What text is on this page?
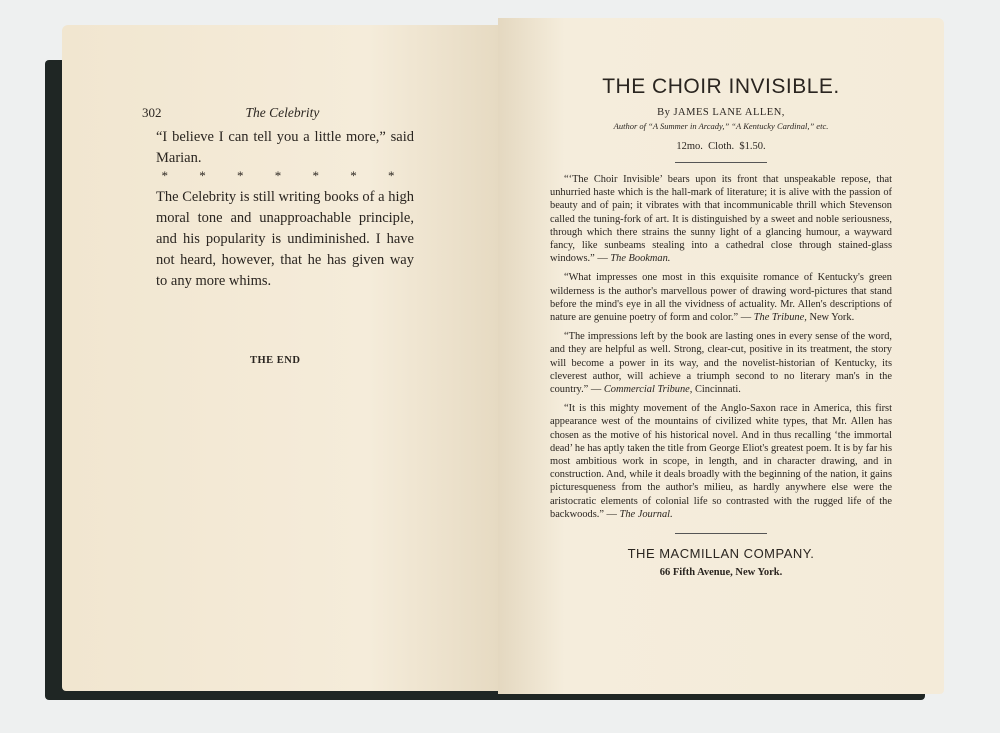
302	The Celebrity

“I believe I can tell you a little more,” said Marian.

* * * * * * *

The Celebrity is still writing books of a high moral tone and unapproachable principle, and his popularity is undiminished. I have not heard, however, that he has given way to any more whims.

THE END
THE CHOIR INVISIBLE.
By JAMES LANE ALLEN,
Author of “A Summer in Arcady,” “A Kentucky Cardinal,” etc.
12mo.  Cloth.  $1.50.

“‘The Choir Invisible’ bears upon its front that unspeakable repose, that unhurried haste which is the hall-mark of literature; it is alive with the passion of beauty and of pain; it vibrates with that incommunicable thrill which Stevenson called the tuning-fork of art. It is distinguished by a sweet and noble seriousness, through which there strains the sunny light of a glancing humour, a wayward fancy, like sunbeams stealing into a cathedral close through stained-glass windows.” — The Bookman.

“What impresses one most in this exquisite romance of Kentucky's green wilderness is the author's marvellous power of drawing word-pictures that stand before the mind's eye in all the vividness of actuality. Mr. Allen's descriptions of nature are genuine poetry of form and color.” — The Tribune, New York.

“The impressions left by the book are lasting ones in every sense of the word, and they are helpful as well. Strong, clear-cut, positive in its treatment, the story will become a power in its way, and the novelist-historian of Kentucky, its cleverest author, will achieve a triumph second to no literary man's in the country.” — Commercial Tribune, Cincinnati.

“It is this mighty movement of the Anglo-Saxon race in America, this first appearance west of the mountains of civilized white types, that Mr. Allen has chosen as the motive of his historical novel. And in thus recalling ‘the immortal dead’ he has aptly taken the title from George Eliot's greatest poem. It is by far his most ambitious work in scope, in length, and in character drawing, and in construction. And, while it deals broadly with the beginning of the nation, it gains picturesqueness from the author's milieu, as hardly anywhere else were the aristocratic elements of colonial life so contrasted with the rugged life of the backwoods.” — The Journal.

THE MACMILLAN COMPANY.
66 Fifth Avenue, New York.
